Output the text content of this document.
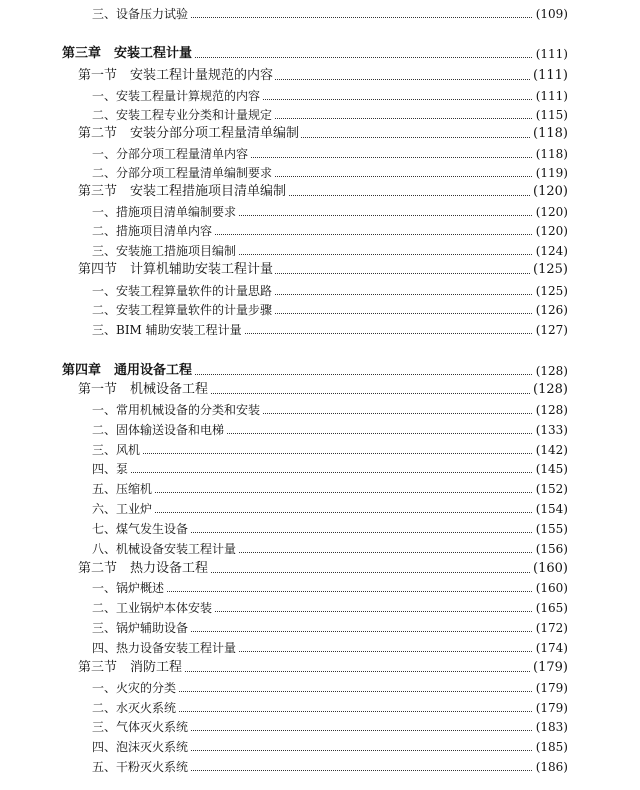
三、设备压力试验	(109)
第三章　安装工程计量	(111)
第一节　安装工程计量规范的内容	(111)
一、安装工程量计算规范的内容	(111)
二、安装工程专业分类和计量规定	(115)
第二节　安装分部分项工程量清单编制	(118)
一、分部分项工程量清单内容	(118)
二、分部分项工程量清单编制要求	(119)
第三节　安装工程措施项目清单编制	(120)
一、措施项目清单编制要求	(120)
二、措施项目清单内容	(120)
三、安装施工措施项目编制	(124)
第四节　计算机辅助安装工程计量	(125)
一、安装工程算量软件的计量思路	(125)
二、安装工程算量软件的计量步骤	(126)
三、BIM 辅助安装工程计量	(127)
第四章　通用设备工程	(128)
第一节　机械设备工程	(128)
一、常用机械设备的分类和安装	(128)
二、固体输送设备和电梯	(133)
三、风机	(142)
四、泵	(145)
五、压缩机	(152)
六、工业炉	(154)
七、煤气发生设备	(155)
八、机械设备安装工程计量	(156)
第二节　热力设备工程	(160)
一、锅炉概述	(160)
二、工业锅炉本体安装	(165)
三、锅炉辅助设备	(172)
四、热力设备安装工程计量	(174)
第三节　消防工程	(179)
一、火灾的分类	(179)
二、水灭火系统	(179)
三、气体灭火系统	(183)
四、泡沫灭火系统	(185)
五、干粉灭火系统	(186)
